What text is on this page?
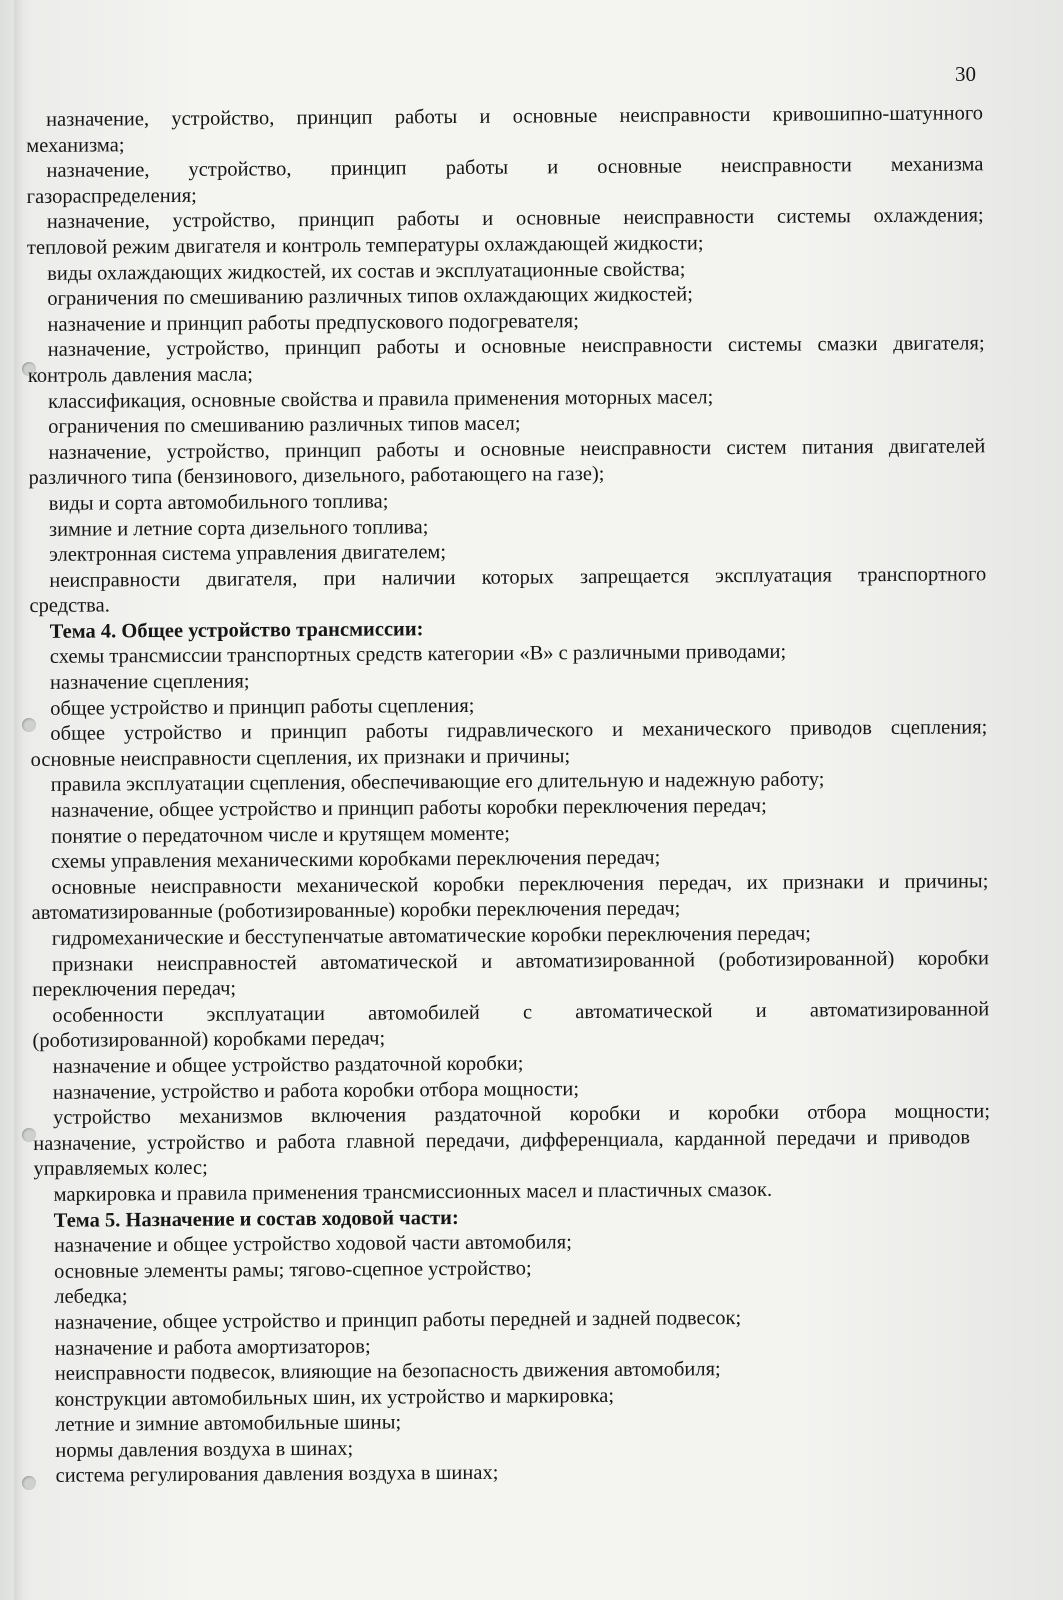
30
назначение, устройство, принцип работы и основные неисправности кривошипно-шатунного
механизма;
назначение, устройство, принцип работы и основные неисправности механизма
газораспределения;
назначение, устройство, принцип работы и основные неисправности системы охлаждения;
тепловой режим двигателя и контроль температуры охлаждающей жидкости;
виды охлаждающих жидкостей, их состав и эксплуатационные свойства;
ограничения по смешиванию различных типов охлаждающих жидкостей;
назначение и принцип работы предпускового подогревателя;
назначение, устройство, принцип работы и основные неисправности системы смазки двигателя;
контроль давления масла;
классификация, основные свойства и правила применения моторных масел;
ограничения по смешиванию различных типов масел;
назначение, устройство, принцип работы и основные неисправности систем питания двигателей
различного типа (бензинового, дизельного, работающего на газе);
виды и сорта автомобильного топлива;
зимние и летние сорта дизельного топлива;
электронная система управления двигателем;
неисправности двигателя, при наличии которых запрещается эксплуатация транспортного
средства.
Тема 4. Общее устройство трансмиссии:
схемы трансмиссии транспортных средств категории «В» с различными приводами;
назначение сцепления;
общее устройство и принцип работы сцепления;
общее устройство и принцип работы гидравлического и механического приводов сцепления;
основные неисправности сцепления, их признаки и причины;
правила эксплуатации сцепления, обеспечивающие его длительную и надежную работу;
назначение, общее устройство и принцип работы коробки переключения передач;
понятие о передаточном числе и крутящем моменте;
схемы управления механическими коробками переключения передач;
основные неисправности механической коробки переключения передач, их признаки и причины;
автоматизированные (роботизированные) коробки переключения передач;
гидромеханические и бесступенчатые автоматические коробки переключения передач;
признаки неисправностей автоматической и автоматизированной (роботизированной) коробки
переключения передач;
особенности эксплуатации автомобилей с автоматической и автоматизированной
(роботизированной) коробками передач;
назначение и общее устройство раздаточной коробки;
назначение, устройство и работа коробки отбора мощности;
устройство механизмов включения раздаточной коробки и коробки отбора мощности;
назначение, устройство и работа главной передачи, дифференциала, карданной передачи и приводов
управляемых колес;
маркировка и правила применения трансмиссионных масел и пластичных смазок.
Тема 5. Назначение и состав ходовой части:
назначение и общее устройство ходовой части автомобиля;
основные элементы рамы; тягово-сцепное устройство;
лебедка;
назначение, общее устройство и принцип работы передней и задней подвесок;
назначение и работа амортизаторов;
неисправности подвесок, влияющие на безопасность движения автомобиля;
конструкции автомобильных шин, их устройство и маркировка;
летние и зимние автомобильные шины;
нормы давления воздуха в шинах;
система регулирования давления воздуха в шинах;
